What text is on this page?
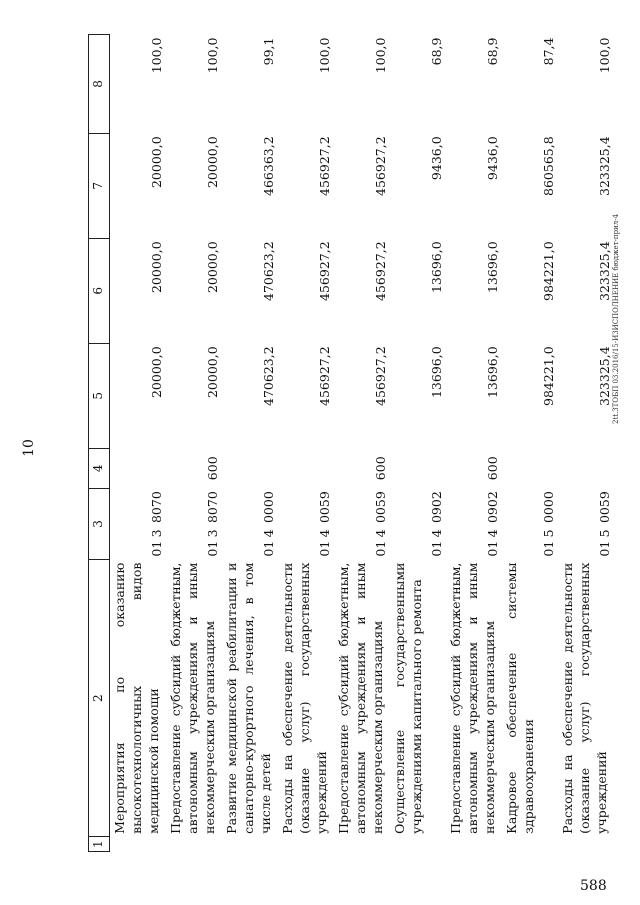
10
588
2tt.ЗТОБП 03.2016/15-ИЗИСПОЛНЕНИЕ бюджет-прил-4
1	2	3			4	5	6	7	8
	Мероприятия по оказанию высокотехнологичных видов медицинской помощи	01	3	8070		20000,0	20000,0	20000,0	100,0
	Предоставление субсидий бюджетным, автономным учреждениям и иным некоммерческим организациям	01	3	8070	600	20000,0	20000,0	20000,0	100,0
	Развитие медицинской реабилитации и санаторно-курортного лечения, в том числе детей	01	4	0000		470623,2	470623,2	466363,2	99,1
	Расходы на обеспечение деятельности (оказание услуг) государственных учреждений	01	4	0059		456927,2	456927,2	456927,2	100,0
	Предоставление субсидий бюджетным, автономным учреждениям и иным некоммерческим организациям	01	4	0059	600	456927,2	456927,2	456927,2	100,0
	Осуществление государственными учреждениями капитального ремонта	01	4	0902		13696,0	13696,0	9436,0	68,9
	Предоставление субсидий бюджетным, автономным учреждениям и иным некоммерческим организациям	01	4	0902	600	13696,0	13696,0	9436,0	68,9
	Кадровое обеспечение системы здравоохранения	01	5	0000		984221,0	984221,0	860565,8	87,4
	Расходы на обеспечение деятельности (оказание услуг) государственных учреждений	01	5	0059		323325,4	323325,4	323325,4	100,0
